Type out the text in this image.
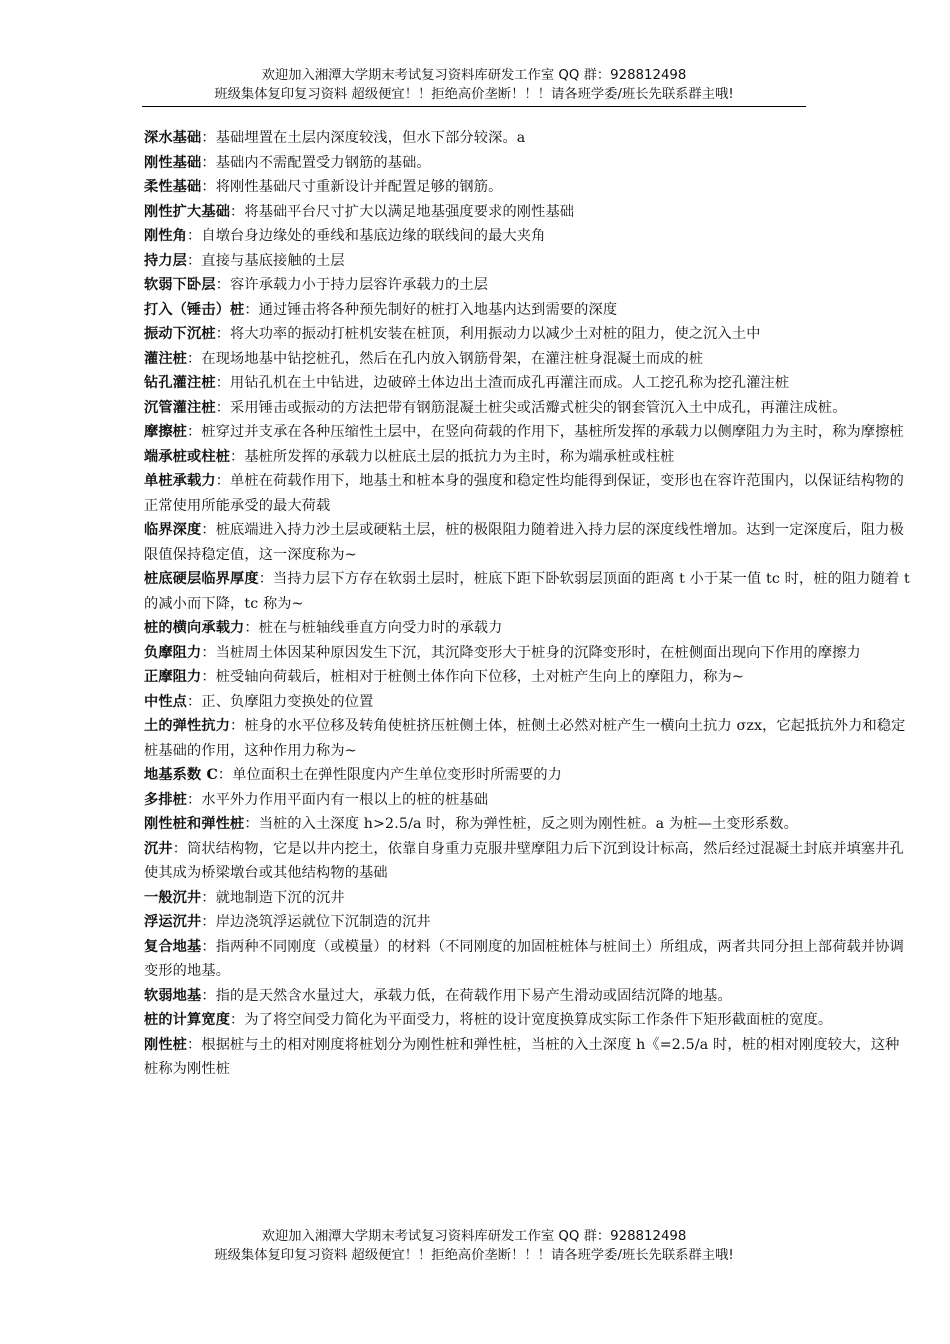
欢迎加入湘潭大学期末考试复习资料库研发工作室 QQ 群：928812498
班级集体复印复习资料 超级便宜！！拒绝高价垄断！！！请各班学委/班长先联系群主哦!

深水基础：基础埋置在土层内深度较浅，但水下部分较深。a

刚性基础：基础内不需配置受力钢筋的基础。

柔性基础：将刚性基础尺寸重新设计并配置足够的钢筋。

刚性扩大基础：将基础平台尺寸扩大以满足地基强度要求的刚性基础

刚性角：自墩台身边缘处的垂线和基底边缘的联线间的最大夹角

持力层：直接与基底接触的土层

软弱下卧层：容许承载力小于持力层容许承载力的土层

打入（锤击）桩：通过锤击将各种预先制好的桩打入地基内达到需要的深度

振动下沉桩：将大功率的振动打桩机安装在桩顶，利用振动力以减少土对桩的阻力，使之沉入土中

灌注桩：在现场地基中钻挖桩孔，然后在孔内放入钢筋骨架，在灌注桩身混凝土而成的桩

钻孔灌注桩：用钻孔机在土中钻进，边破碎土体边出土渣而成孔再灌注而成。人工挖孔称为挖孔灌注桩

沉管灌注桩：采用锤击或振动的方法把带有钢筋混凝土桩尖或活瓣式桩尖的钢套管沉入土中成孔，再灌注成桩。

摩擦桩：桩穿过并支承在各种压缩性土层中，在竖向荷载的作用下，基桩所发挥的承载力以侧摩阻力为主时，称为摩擦桩

端承桩或柱桩：基桩所发挥的承载力以桩底土层的抵抗力为主时，称为端承桩或柱桩

单桩承载力：单桩在荷载作用下，地基土和桩本身的强度和稳定性均能得到保证，变形也在容许范围内，以保证结构物的正常使用所能承受的最大荷载

临界深度：桩底端进入持力沙土层或硬粘土层，桩的极限阻力随着进入持力层的深度线性增加。达到一定深度后，阻力极限值保持稳定值，这一深度称为~

桩底硬层临界厚度：当持力层下方存在软弱土层时，桩底下距下卧软弱层顶面的距离 t 小于某一值 tc 时，桩的阻力随着 t 的减小而下降，tc 称为~

桩的横向承载力：桩在与桩轴线垂直方向受力时的承载力

负摩阻力：当桩周土体因某种原因发生下沉，其沉降变形大于桩身的沉降变形时，在桩侧面出现向下作用的摩擦力

正摩阻力：桩受轴向荷载后，桩相对于桩侧土体作向下位移，土对桩产生向上的摩阻力，称为~

中性点：正、负摩阻力变换处的位置

土的弹性抗力：桩身的水平位移及转角使桩挤压桩侧土体，桩侧土必然对桩产生一横向土抗力 σzx，它起抵抗外力和稳定桩基础的作用，这种作用力称为~

地基系数 C：单位面积土在弹性限度内产生单位变形时所需要的力

多排桩：水平外力作用平面内有一根以上的桩的桩基础

刚性桩和弹性桩：当桩的入土深度 h>2.5/a 时，称为弹性桩，反之则为刚性桩。a 为桩—土变形系数。

沉井：筒状结构物，它是以井内挖土，依靠自身重力克服井壁摩阻力后下沉到设计标高，然后经过混凝土封底并填塞井孔使其成为桥梁墩台或其他结构物的基础

一般沉井：就地制造下沉的沉井

浮运沉井：岸边浇筑浮运就位下沉制造的沉井

复合地基：指两种不同刚度（或模量）的材料（不同刚度的加固桩桩体与桩间土）所组成，两者共同分担上部荷载并协调变形的地基。

软弱地基：指的是天然含水量过大，承载力低，在荷载作用下易产生滑动或固结沉降的地基。

桩的计算宽度：为了将空间受力简化为平面受力，将桩的设计宽度换算成实际工作条件下矩形截面桩的宽度。

刚性桩：根据桩与土的相对刚度将桩划分为刚性桩和弹性桩，当桩的入土深度 h《=2.5/a 时，桩的相对刚度较大，这种桩称为刚性桩

欢迎加入湘潭大学期末考试复习资料库研发工作室 QQ 群：928812498
班级集体复印复习资料 超级便宜！！拒绝高价垄断！！！请各班学委/班长先联系群主哦!
